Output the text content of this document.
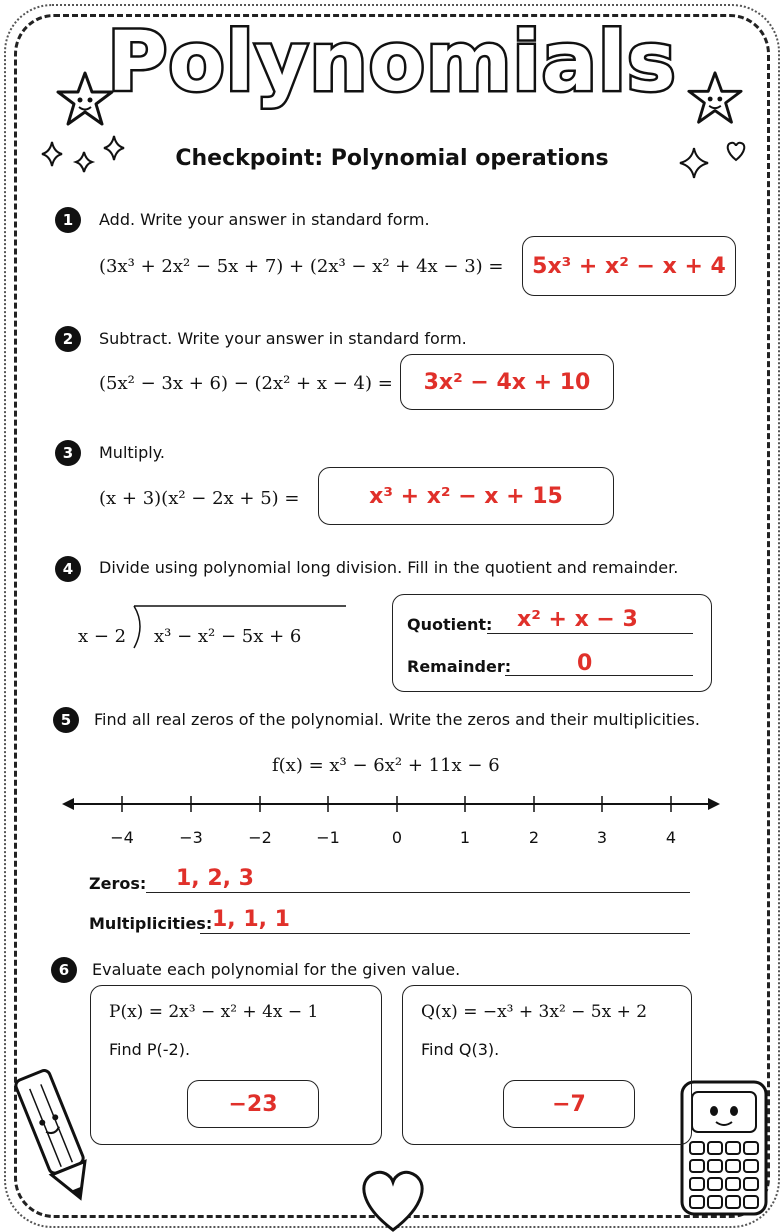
Polynomials
Checkpoint: Polynomial operations
1	Add. Write your answer in standard form.
(3x³ + 2x² − 5x + 7) + (2x³ − x² + 4x − 3) = 5x³ + x² − x + 4
2	Subtract. Write your answer in standard form.
(5x² − 3x + 6) − (2x² + x − 4) = 3x² − 4x + 10
3	Multiply.
(x + 3)(x² − 2x + 5) =	x³ + x² − x + 15
4	Divide using polynomial long division. Fill in the quotient and remainder.
x − 2 x³ − x² − 5x + 6
Quotient: x² + x − 3
Remainder:	0
5	Find all real zeros of the polynomial. Write the zeros and their multiplicities.
f(x) = x³ − 6x² + 11x − 6
−4	−3	−2	−1	0	1	2	3	4
Zeros: 1, 2, 3
Multiplicities: 1, 1, 1
6	Evaluate each polynomial for the given value.
P(x) = 2x³ − x² + 4x − 1
Find P(-2).
−23
Q(x) = −x³ + 3x² − 5x + 2
Find Q(3).
−7
